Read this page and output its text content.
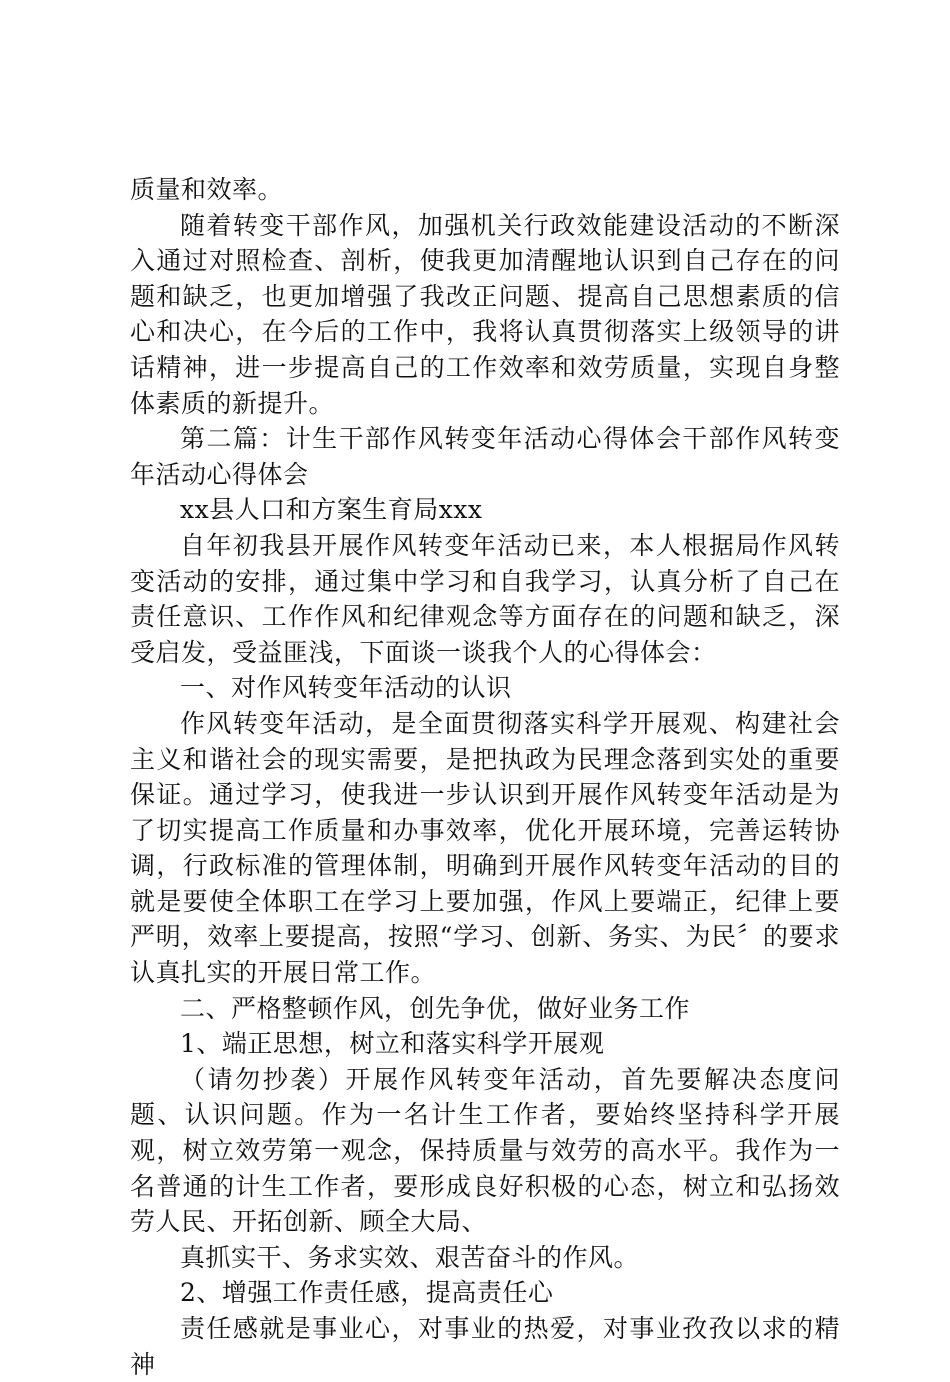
质量和效率。

随着转变干部作风，加强机关行政效能建设活动的不断深入通过对照检查、剖析，使我更加清醒地认识到自己存在的问题和缺乏，也更加增强了我改正问题、提高自己思想素质的信心和决心，在今后的工作中，我将认真贯彻落实上级领导的讲话精神，进一步提高自己的工作效率和效劳质量，实现自身整体素质的新提升。

第二篇：计生干部作风转变年活动心得体会干部作风转变年活动心得体会

xx县人口和方案生育局xxx

自年初我县开展作风转变年活动已来，本人根据局作风转变活动的安排，通过集中学习和自我学习，认真分析了自己在责任意识、工作作风和纪律观念等方面存在的问题和缺乏，深受启发，受益匪浅，下面谈一谈我个人的心得体会：

一、对作风转变年活动的认识

作风转变年活动，是全面贯彻落实科学开展观、构建社会主义和谐社会的现实需要，是把执政为民理念落到实处的重要保证。通过学习，使我进一步认识到开展作风转变年活动是为了切实提高工作质量和办事效率，优化开展环境，完善运转协调，行政标准的管理体制，明确到开展作风转变年活动的目的就是要使全体职工在学习上要加强，作风上要端正，纪律上要严明，效率上要提高，按照“学习、创新、务实、为民〞的要求认真扎实的开展日常工作。

二、严格整顿作风，创先争优，做好业务工作

1、端正思想，树立和落实科学开展观

（请勿抄袭）开展作风转变年活动，首先要解决态度问题、认识问题。作为一名计生工作者，要始终坚持科学开展观，树立效劳第一观念，保持质量与效劳的高水平。我作为一名普通的计生工作者，要形成良好积极的心态，树立和弘扬效劳人民、开拓创新、顾全大局、

真抓实干、务求实效、艰苦奋斗的作风。

2、增强工作责任感，提高责任心

责任感就是事业心，对事业的热爱，对事业孜孜以求的精神
